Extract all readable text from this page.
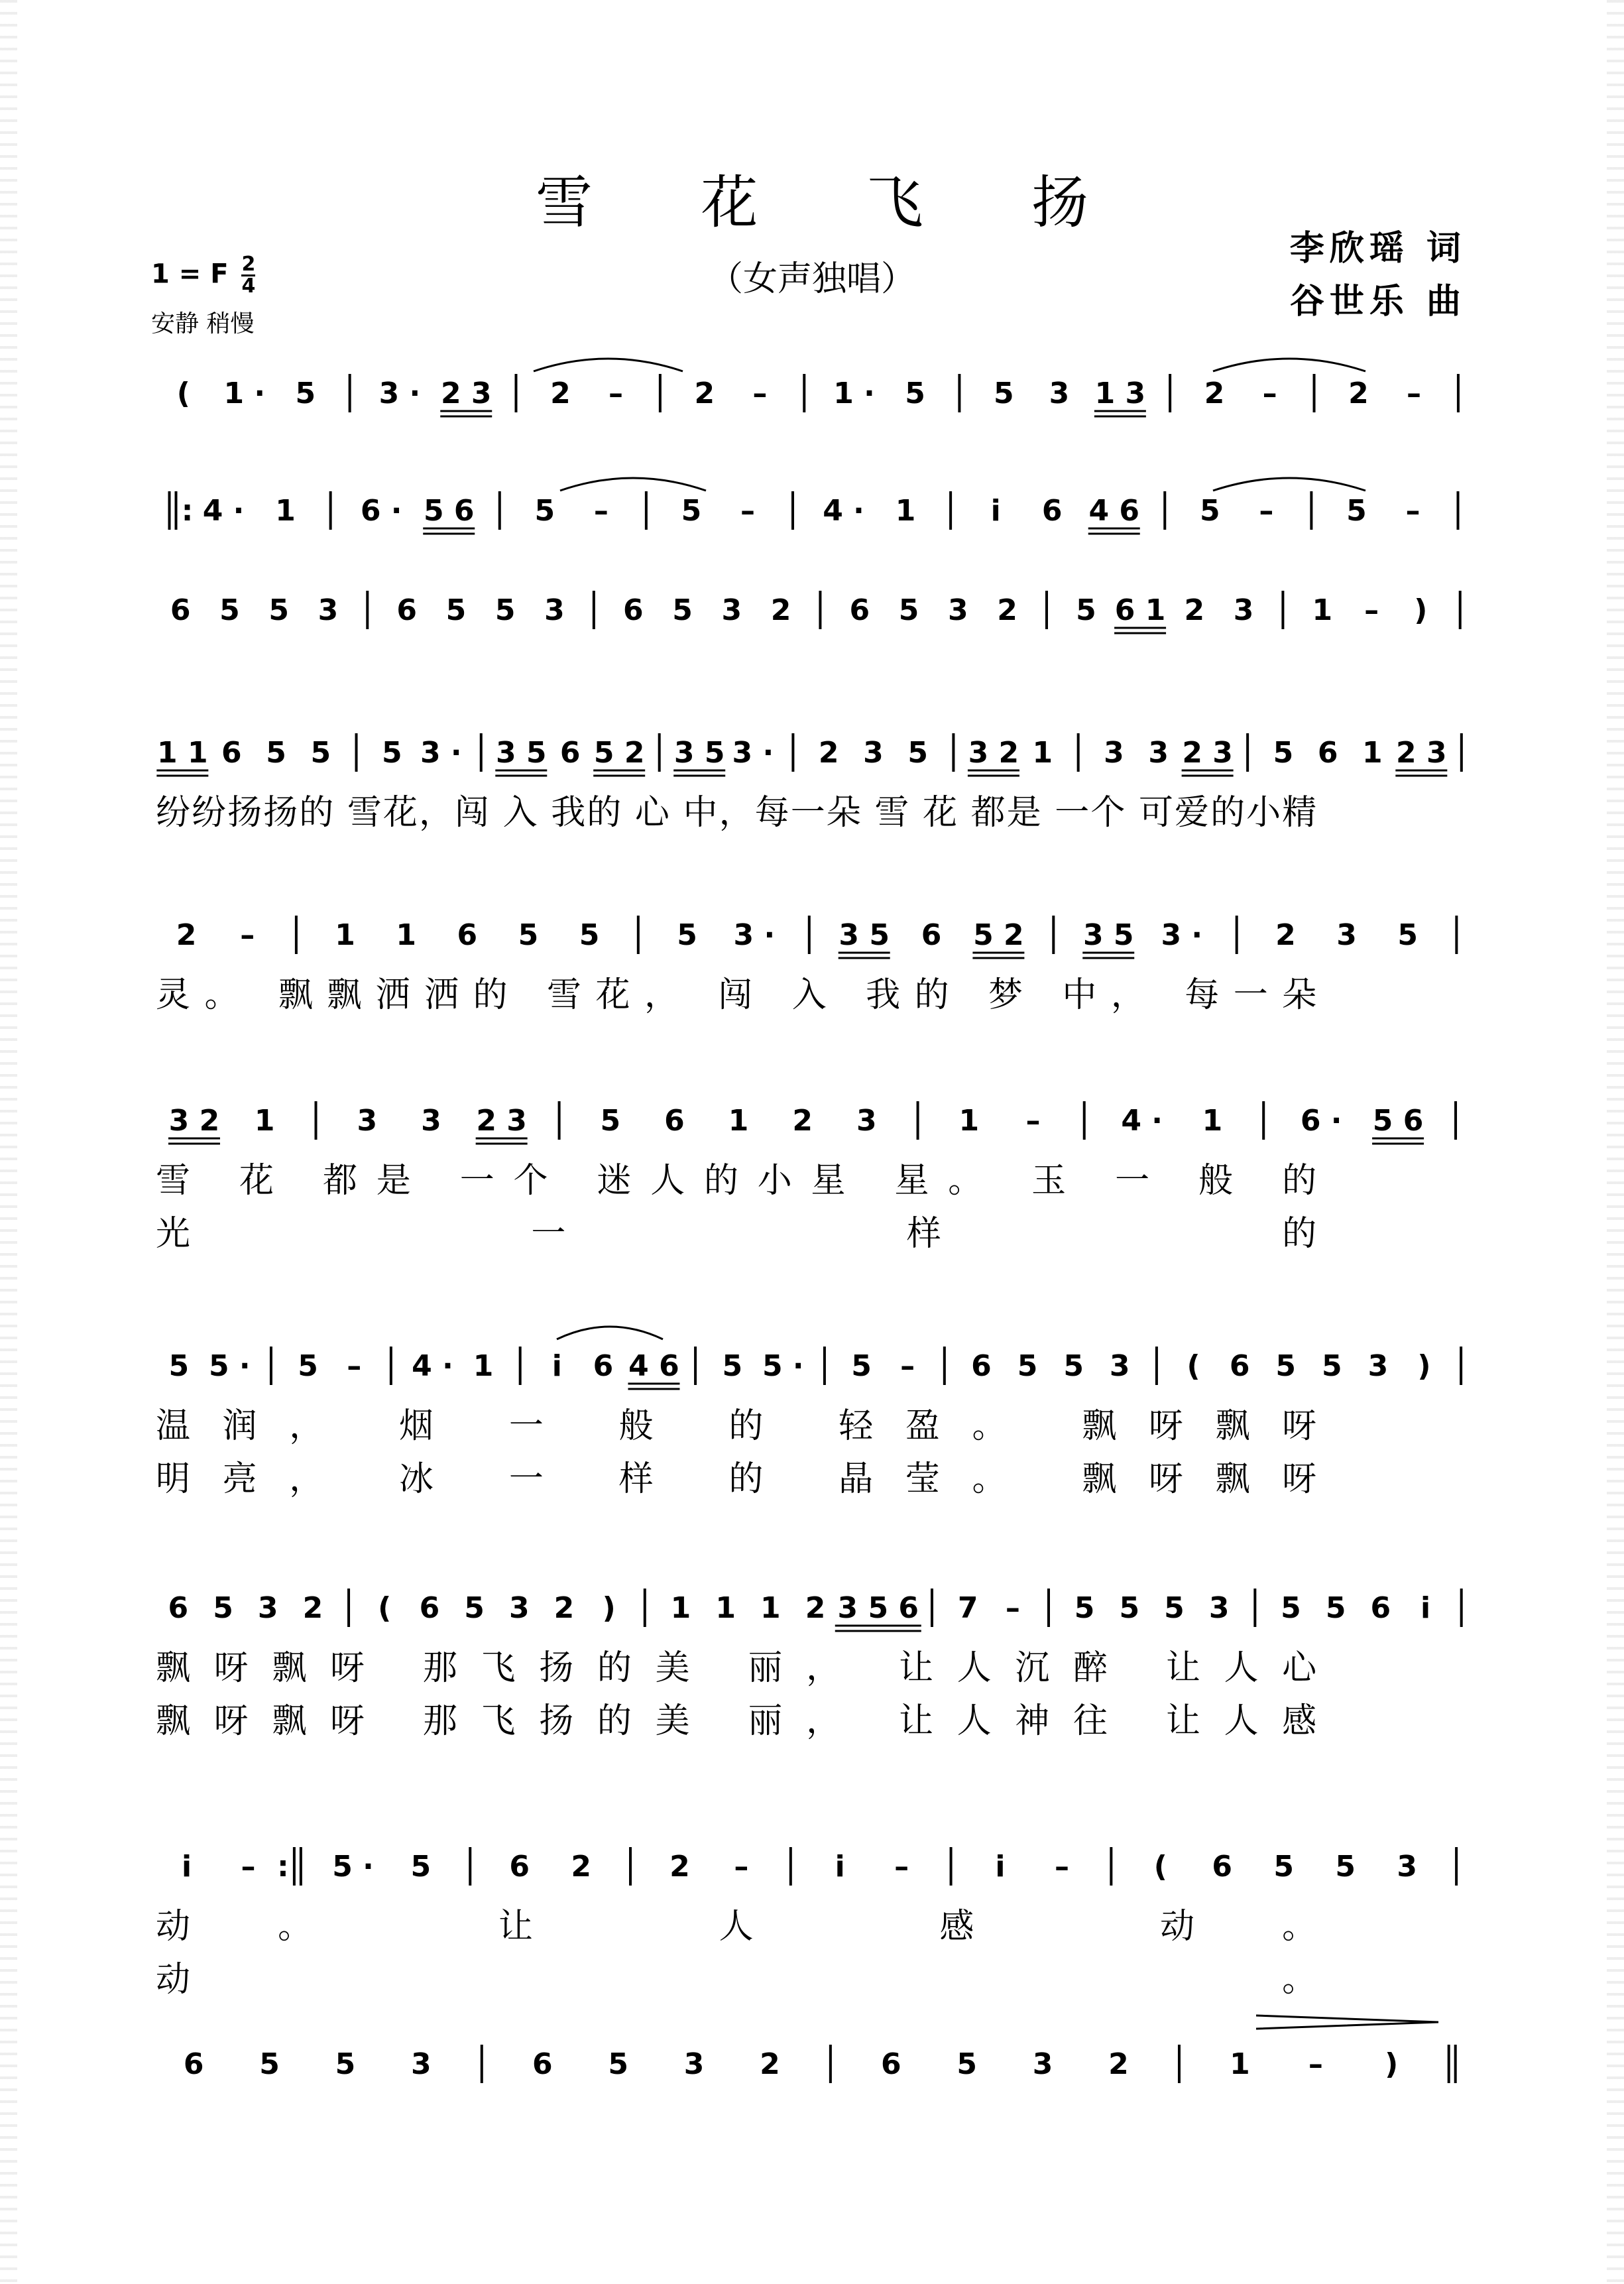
雪 花 飞 扬
（女声独唱）
李欣瑶 词
谷世乐 曲
1 = F $\frac{2}{4}$
安静 稍慢
( 1 · 5 3 · 2 3 2 – 2 – 1 · 5 5 3 1 3 2 – 2 –
: 4 · 1 6 · 5 6 5 – 5 – 4 · 1	i 6 4 6 5 – 5 –
6 5 5 3 6 5 5 3 6 5 3 2 6 5 3 2 5 6 1 2 3 1 – )
1 1 6 5 5 5 3 · 3 5 6 5 2 3 5 3 · 2 3 5 3 2 1 3 3 2 3 5 6 1 2 3
纷纷扬扬的 雪花，闯 入 我的 心 中，每一朵 雪 花 都是 一个 可爱的小精
2 –	1 1 6 5 5	5 3 · 3 5 6 5 2 3 5 3 · 2 3 5
灵。 飘飘洒洒的 雪花， 闯 入 我的 梦 中， 每一朵
3 2 1	3 3 2 3	5 6 1 2 3	1 –	4 · 1	6 · 5 6
雪 花 都是 一个 迷人的小星 星。 玉 一 般 的
光 一 样 的
5 5 · 5 – 4 · 1 i 6 4 6 5 5 · 5 – 6 5 5 3 ( 6 5 5 3 )
温润， 烟 一 般 的 轻盈。 飘呀飘呀
明亮， 冰 一 样 的 晶莹。 飘呀飘呀
6 5 3 2 ( 6 5 3 2 ) 1 1 1 2 3 5 6 7 – 5 5 5 3 5 5 6 i
飘呀飘呀 那飞扬的美 丽， 让人沉醉 让人心
飘呀飘呀 那飞扬的美 丽， 让人神往 让人感
i – : 5 · 5	6 2	2 –	i –	i –	( 6 5 5 3
动。 让 人 感 动。
动。
6 5 5 3	6 5 3 2	6 5 3 2	1 – )
